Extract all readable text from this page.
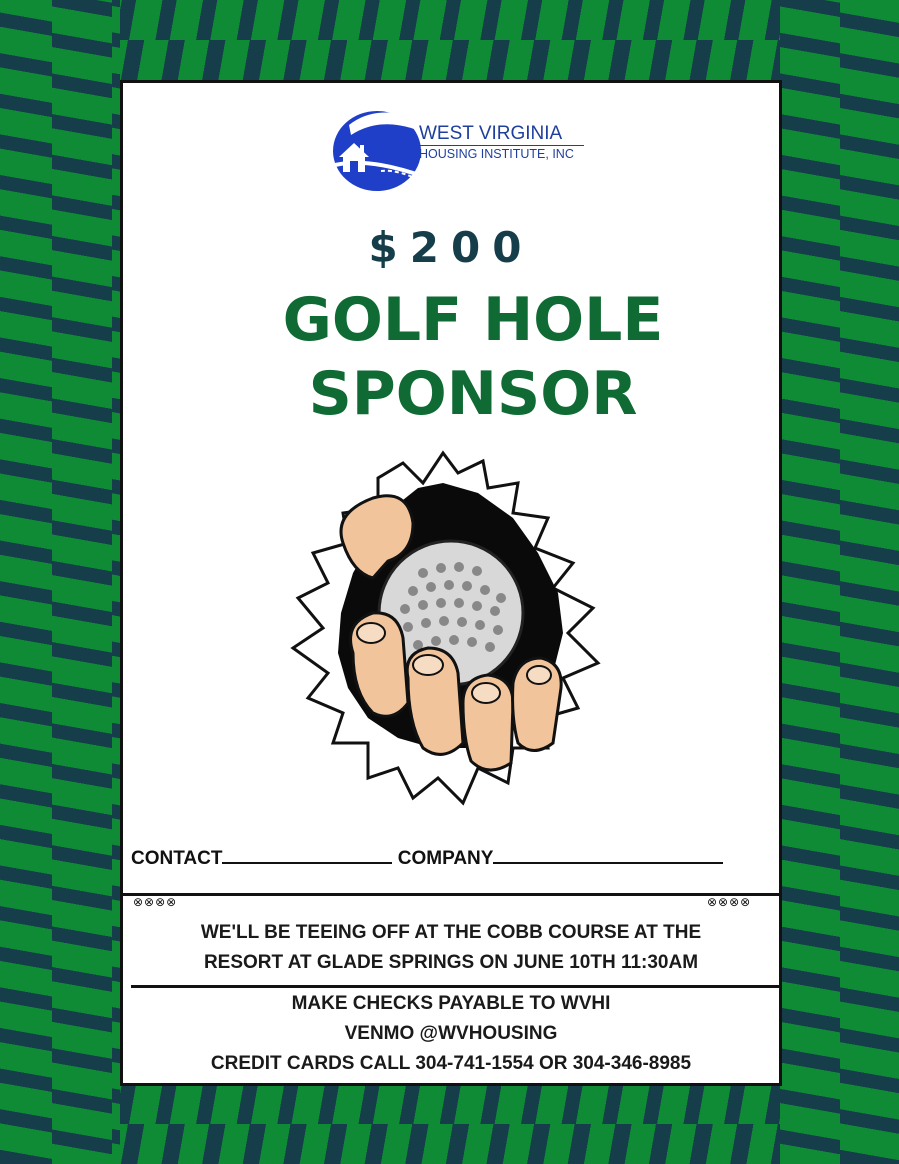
WEST VIRGINIA
HOUSING INSTITUTE, INC
$200
GOLF HOLE
SPONSOR
CONTACT	COMPANY
⊗⊗⊗⊗	⊗⊗⊗⊗
WE'LL BE TEEING OFF AT THE COBB COURSE AT THE
RESORT AT GLADE SPRINGS ON JUNE 10TH 11:30AM
MAKE CHECKS PAYABLE TO WVHI
VENMO @WVHOUSING
CREDIT CARDS CALL 304-741-1554 OR 304-346-8985
